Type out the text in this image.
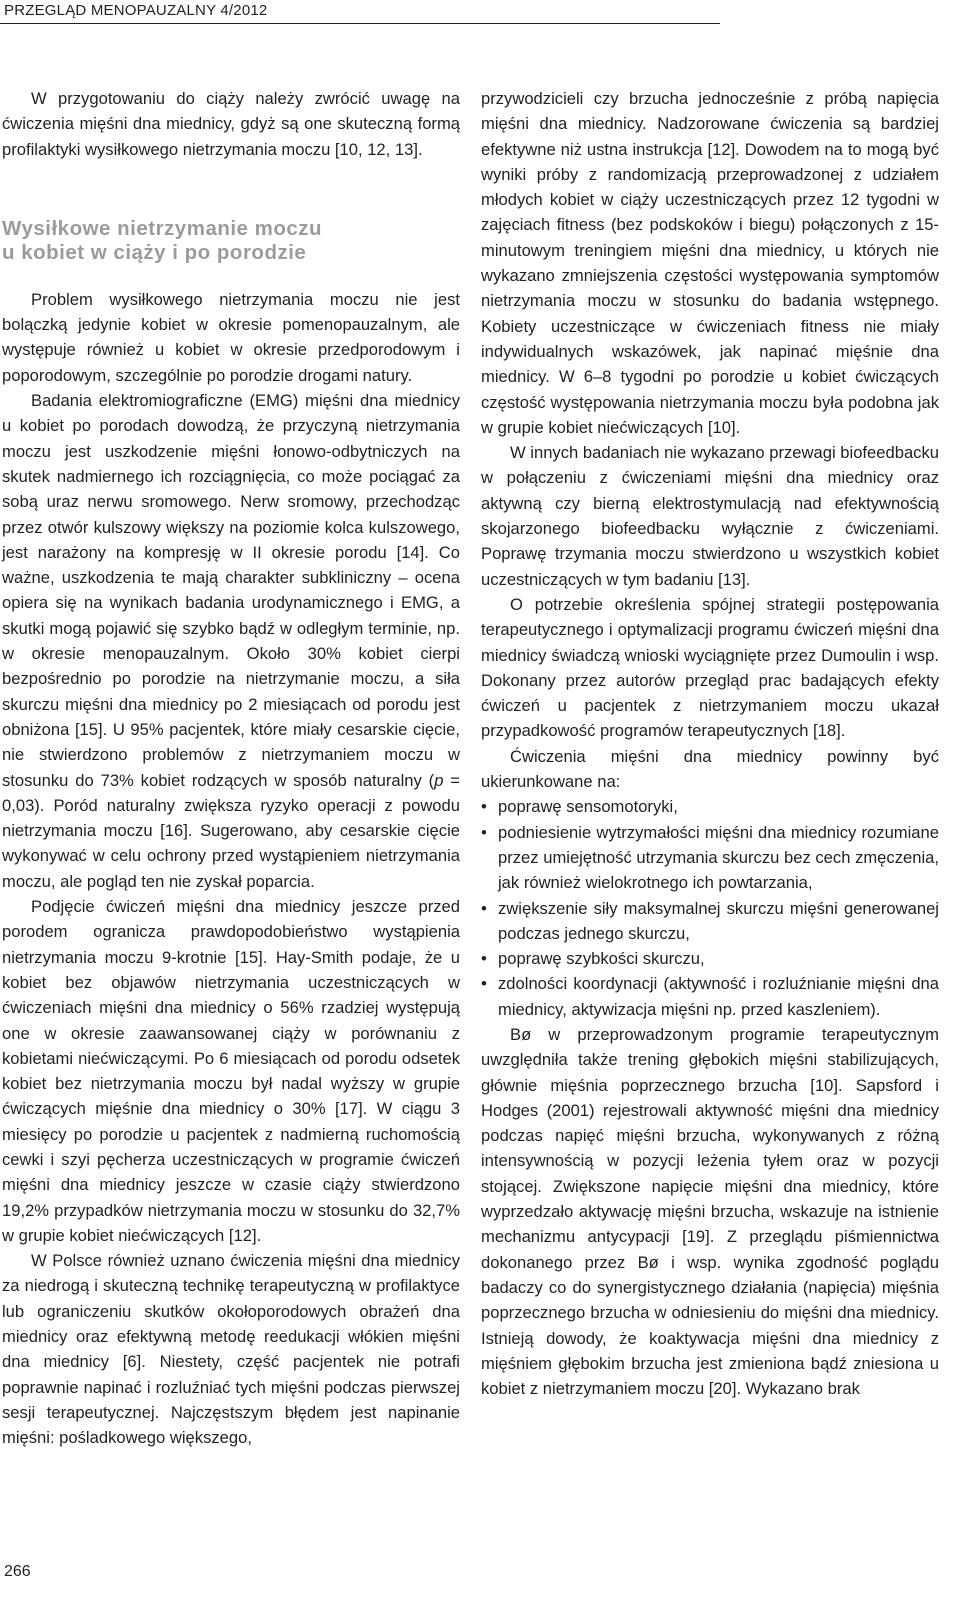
PRZEGLĄD MENOPAUZALNY 4/2012

W przygotowaniu do ciąży należy zwrócić uwagę na ćwiczenia mięśni dna miednicy, gdyż są one skuteczną formą profilaktyki wysiłkowego nietrzymania moczu [10, 12, 13].

Wysiłkowe nietrzymanie moczu
u kobiet w ciąży i po porodzie

Problem wysiłkowego nietrzymania moczu nie jest bolączką jedynie kobiet w okresie pomenopauzalnym, ale występuje również u kobiet w okresie przedporodowym i poporodowym, szczególnie po porodzie drogami natury.

Badania elektromiograficzne (EMG) mięśni dna miednicy u kobiet po porodach dowodzą, że przyczyną nietrzymania moczu jest uszkodzenie mięśni łonowo-odbytniczych na skutek nadmiernego ich rozciągnięcia, co może pociągać za sobą uraz nerwu sromowego. Nerw sromowy, przechodząc przez otwór kulszowy większy na poziomie kolca kulszowego, jest narażony na kompresję w II okresie porodu [14]. Co ważne, uszkodzenia te mają charakter subkliniczny – ocena opiera się na wynikach badania urodynamicznego i EMG, a skutki mogą pojawić się szybko bądź w odległym terminie, np. w okresie menopauzalnym. Około 30% kobiet cierpi bezpośrednio po porodzie na nietrzymanie moczu, a siła skurczu mięśni dna miednicy po 2 miesiącach od porodu jest obniżona [15]. U 95% pacjentek, które miały cesarskie cięcie, nie stwierdzono problemów z nietrzymaniem moczu w stosunku do 73% kobiet rodzących w sposób naturalny (p = 0,03). Poród naturalny zwiększa ryzyko operacji z powodu nietrzymania moczu [16]. Sugerowano, aby cesarskie cięcie wykonywać w celu ochrony przed wystąpieniem nietrzymania moczu, ale pogląd ten nie zyskał poparcia.

Podjęcie ćwiczeń mięśni dna miednicy jeszcze przed porodem ogranicza prawdopodobieństwo wystąpienia nietrzymania moczu 9-krotnie [15]. Hay-Smith podaje, że u kobiet bez objawów nietrzymania uczestniczących w ćwiczeniach mięśni dna miednicy o 56% rzadziej występują one w okresie zaawansowanej ciąży w porównaniu z kobietami niećwiczącymi. Po 6 miesiącach od porodu odsetek kobiet bez nietrzymania moczu był nadal wyższy w grupie ćwiczących mięśnie dna miednicy o 30% [17]. W ciągu 3 miesięcy po porodzie u pacjentek z nadmierną ruchomością cewki i szyi pęcherza uczestniczących w programie ćwiczeń mięśni dna miednicy jeszcze w czasie ciąży stwierdzono 19,2% przypadków nietrzymania moczu w stosunku do 32,7% w grupie kobiet niećwiczących [12].

W Polsce również uznano ćwiczenia mięśni dna miednicy za niedrogą i skuteczną technikę terapeutyczną w profilaktyce lub ograniczeniu skutków okołoporodowych obrażeń dna miednicy oraz efektywną metodę reedukacji włókien mięśni dna miednicy [6]. Niestety, część pacjentek nie potrafi poprawnie napinać i rozluźniać tych mięśni podczas pierwszej sesji terapeutycznej. Najczęstszym błędem jest napinanie mięśni: pośladkowego większego,

przywodzicieli czy brzucha jednocześnie z próbą napięcia mięśni dna miednicy. Nadzorowane ćwiczenia są bardziej efektywne niż ustna instrukcja [12]. Dowodem na to mogą być wyniki próby z randomizacją przeprowadzonej z udziałem młodych kobiet w ciąży uczestniczących przez 12 tygodni w zajęciach fitness (bez podskoków i biegu) połączonych z 15-minutowym treningiem mięśni dna miednicy, u których nie wykazano zmniejszenia częstości występowania symptomów nietrzymania moczu w stosunku do badania wstępnego. Kobiety uczestniczące w ćwiczeniach fitness nie miały indywidualnych wskazówek, jak napinać mięśnie dna miednicy. W 6–8 tygodni po porodzie u kobiet ćwiczących częstość występowania nietrzymania moczu była podobna jak w grupie kobiet niećwiczących [10].

W innych badaniach nie wykazano przewagi biofeedbacku w połączeniu z ćwiczeniami mięśni dna miednicy oraz aktywną czy bierną elektrostymulacją nad efektywnością skojarzonego biofeedbacku wyłącznie z ćwiczeniami. Poprawę trzymania moczu stwierdzono u wszystkich kobiet uczestniczących w tym badaniu [13].

O potrzebie określenia spójnej strategii postępowania terapeutycznego i optymalizacji programu ćwiczeń mięśni dna miednicy świadczą wnioski wyciągnięte przez Dumoulin i wsp. Dokonany przez autorów przegląd prac badających efekty ćwiczeń u pacjentek z nietrzymaniem moczu ukazał przypadkowość programów terapeutycznych [18].

Ćwiczenia mięśni dna miednicy powinny być ukierunkowane na:

• poprawę sensomotoryki,
• podniesienie wytrzymałości mięśni dna miednicy rozumiane przez umiejętność utrzymania skurczu bez cech zmęczenia, jak również wielokrotnego ich powtarzania,
• zwiększenie siły maksymalnej skurczu mięśni generowanej podczas jednego skurczu,
• poprawę szybkości skurczu,
• zdolności koordynacji (aktywność i rozluźnianie mięśni dna miednicy, aktywizacja mięśni np. przed kaszleniem).

Bø w przeprowadzonym programie terapeutycznym uwzględniła także trening głębokich mięśni stabilizujących, głównie mięśnia poprzecznego brzucha [10]. Sapsford i Hodges (2001) rejestrowali aktywność mięśni dna miednicy podczas napięć mięśni brzucha, wykonywanych z różną intensywnością w pozycji leżenia tyłem oraz w pozycji stojącej. Zwiększone napięcie mięśni dna miednicy, które wyprzedzało aktywację mięśni brzucha, wskazuje na istnienie mechanizmu antycypacji [19]. Z przeglądu piśmiennictwa dokonanego przez Bø i wsp. wynika zgodność poglądu badaczy co do synergistycznego działania (napięcia) mięśnia poprzecznego brzucha w odniesieniu do mięśni dna miednicy. Istnieją dowody, że koaktywacja mięśni dna miednicy z mięśniem głębokim brzucha jest zmieniona bądź zniesiona u kobiet z nietrzymaniem moczu [20]. Wykazano brak

266
